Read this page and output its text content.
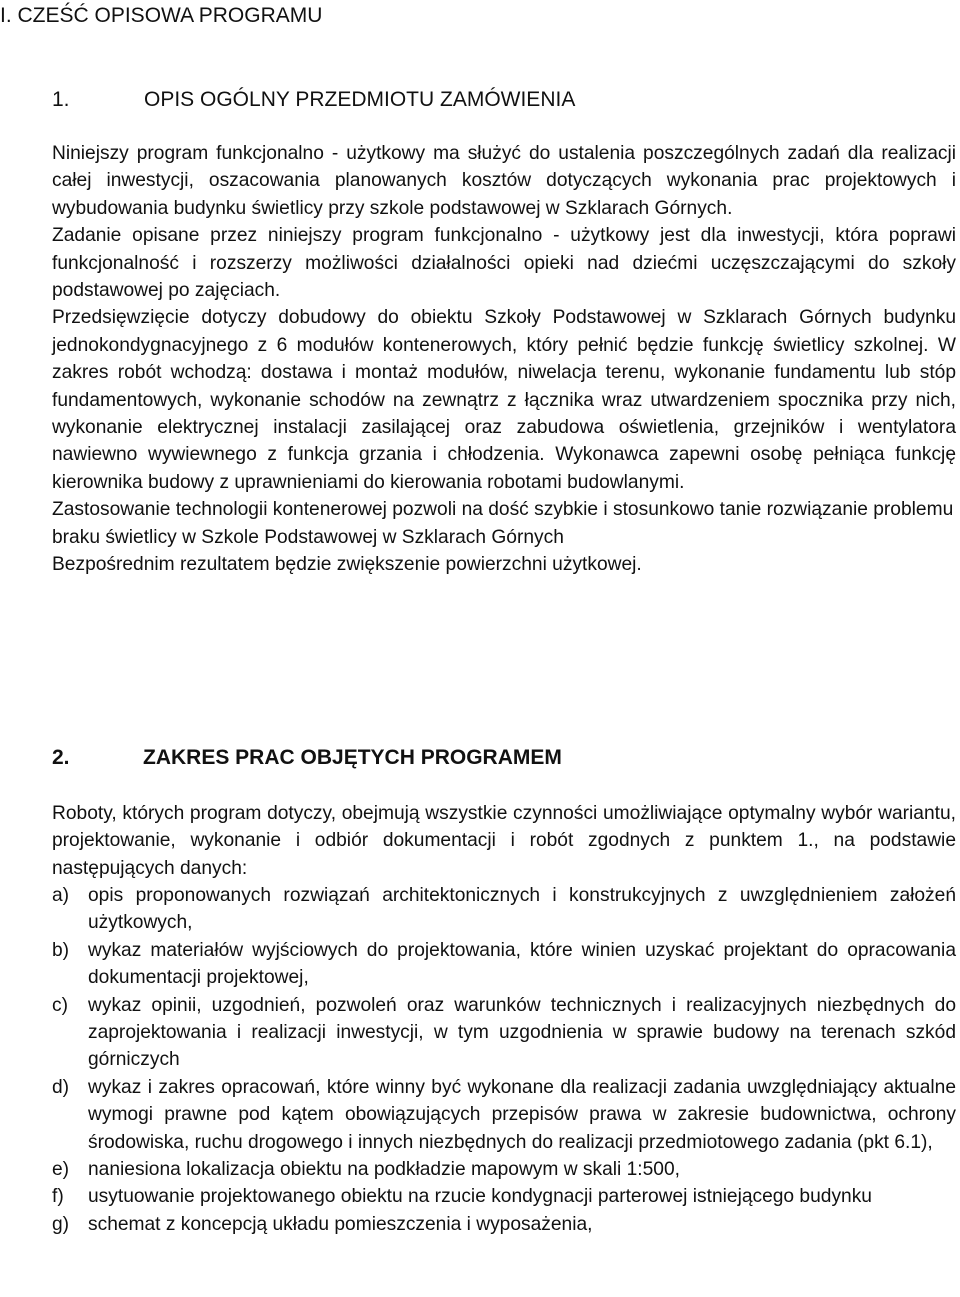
I. CZEŚĆ OPISOWA PROGRAMU
1.	OPIS OGÓLNY PRZEDMIOTU ZAMÓWIENIA

Niniejszy program funkcjonalno - użytkowy ma służyć do ustalenia poszczególnych zadań dla realizacji całej inwestycji, oszacowania planowanych kosztów dotyczących wykonania prac projektowych i wybudowania budynku świetlicy przy szkole podstawowej w Szklarach Górnych.

Zadanie opisane przez niniejszy program funkcjonalno - użytkowy jest dla inwestycji, która poprawi funkcjonalność i rozszerzy możliwości działalności opieki nad dziećmi uczęszczającymi do szkoły podstawowej po zajęciach.

Przedsięwzięcie dotyczy dobudowy do obiektu Szkoły Podstawowej w Szklarach Górnych budynku jednokondygnacyjnego z 6 modułów kontenerowych, który pełnić będzie funkcję świetlicy szkolnej. W zakres robót wchodzą: dostawa i montaż modułów, niwelacja terenu, wykonanie fundamentu lub stóp fundamentowych, wykonanie schodów na zewnątrz z łącznika wraz utwardzeniem spocznika przy nich, wykonanie elektrycznej instalacji zasilającej oraz zabudowa oświetlenia, grzejników i wentylatora nawiewno wywiewnego z funkcja grzania i chłodzenia. Wykonawca zapewni osobę pełniąca funkcję kierownika budowy z uprawnieniami do kierowania robotami budowlanymi.

Zastosowanie technologii kontenerowej pozwoli na dość szybkie i stosunkowo tanie rozwiązanie problemu braku świetlicy w Szkole Podstawowej w Szklarach Górnych

Bezpośrednim rezultatem będzie zwiększenie powierzchni użytkowej.

2.	ZAKRES PRAC OBJĘTYCH PROGRAMEM

Roboty, których program dotyczy, obejmują wszystkie czynności umożliwiające optymalny wybór wariantu, projektowanie, wykonanie i odbiór dokumentacji i robót zgodnych z punktem 1., na podstawie następujących danych:

a) opis proponowanych rozwiązań architektonicznych i konstrukcyjnych z uwzględnieniem założeń użytkowych,
b) wykaz materiałów wyjściowych do projektowania, które winien uzyskać projektant do opracowania dokumentacji projektowej,
c) wykaz opinii, uzgodnień, pozwoleń oraz warunków technicznych i realizacyjnych niezbędnych do zaprojektowania i realizacji inwestycji, w tym uzgodnienia w sprawie budowy na terenach szkód górniczych
d) wykaz i zakres opracowań, które winny być wykonane dla realizacji zadania uwzględniający aktualne wymogi prawne pod kątem obowiązujących przepisów prawa w zakresie budownictwa, ochrony środowiska, ruchu drogowego i innych niezbędnych do realizacji przedmiotowego zadania (pkt 6.1),
e) naniesiona lokalizacja obiektu na podkładzie mapowym w skali 1:500,
f) usytuowanie projektowanego obiektu na rzucie kondygnacji parterowej istniejącego budynku
g) schemat z koncepcją układu pomieszczenia i wyposażenia,
